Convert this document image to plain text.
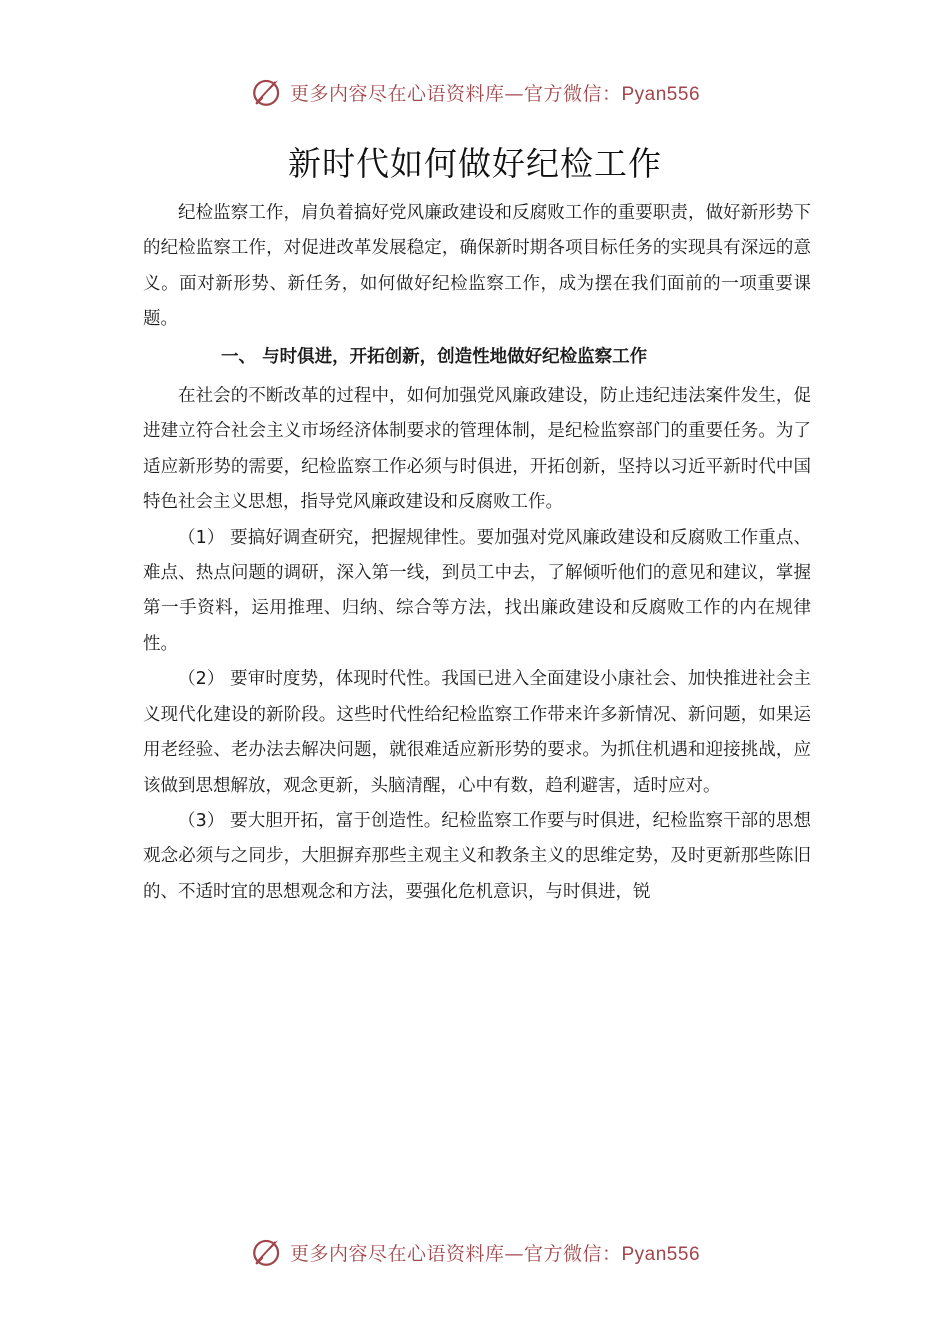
更多内容尽在心语资料库—官方微信：Pyan556
新时代如何做好纪检工作

纪检监察工作，肩负着搞好党风廉政建设和反腐败工作的重要职责，做好新形势下的纪检监察工作，对促进改革发展稳定，确保新时期各项目标任务的实现具有深远的意义。面对新形势、新任务，如何做好纪检监察工作，成为摆在我们面前的一项重要课题。

一、 与时俱进，开拓创新，创造性地做好纪检监察工作

在社会的不断改革的过程中，如何加强党风廉政建设，防止违纪违法案件发生，促进建立符合社会主义市场经济体制要求的管理体制，是纪检监察部门的重要任务。为了适应新形势的需要，纪检监察工作必须与时俱进，开拓创新，坚持以习近平新时代中国特色社会主义思想，指导党风廉政建设和反腐败工作。

（1） 要搞好调查研究，把握规律性。要加强对党风廉政建设和反腐败工作重点、难点、热点问题的调研，深入第一线，到员工中去，了解倾听他们的意见和建议，掌握第一手资料，运用推理、归纳、综合等方法，找出廉政建设和反腐败工作的内在规律性。

（2） 要审时度势，体现时代性。我国已进入全面建设小康社会、加快推进社会主义现代化建设的新阶段。这些时代性给纪检监察工作带来许多新情况、新问题，如果运用老经验、老办法去解决问题，就很难适应新形势的要求。为抓住机遇和迎接挑战，应该做到思想解放，观念更新，头脑清醒，心中有数，趋利避害，适时应对。

（3） 要大胆开拓，富于创造性。纪检监察工作要与时俱进，纪检监察干部的思想观念必须与之同步，大胆摒弃那些主观主义和教条主义的思维定势，及时更新那些陈旧的、不适时宜的思想观念和方法，要强化危机意识，与时俱进，锐

更多内容尽在心语资料库—官方微信：Pyan556
